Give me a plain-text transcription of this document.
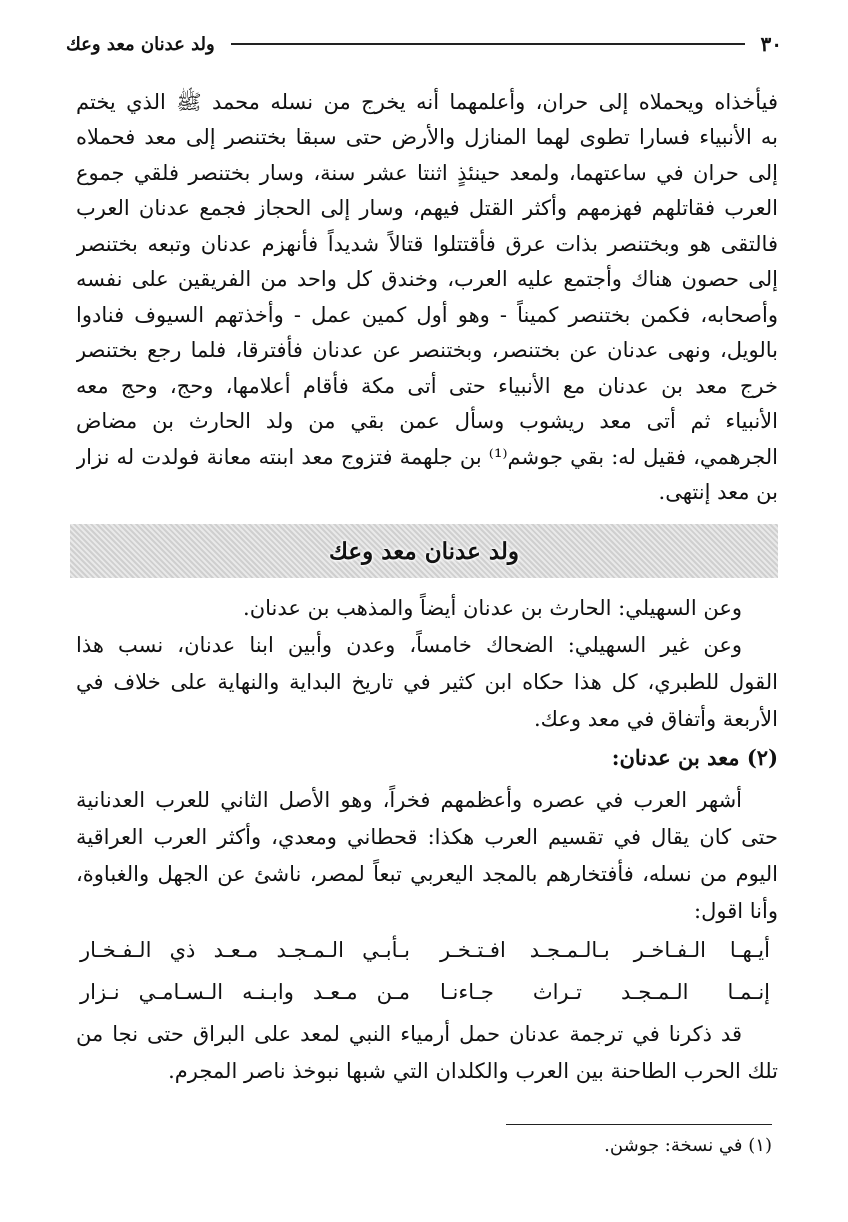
٣٠
ولد عدنان معد وعك
فيأخذاه ويحملاه إلى حران، وأعلمهما أنه يخرج من نسله محمد ﷺ الذي يختم
به الأنبياء فسارا تطوى لهما المنازل والأرض حتى سبقا بختنصر إلى معد فحملاه
إلى حران في ساعتهما، ولمعد حينئذٍ اثنتا عشر سنة، وسار بختنصر فلقي جموع
العرب فقاتلهم فهزمهم وأكثر القتل فيهم، وسار إلى الحجاز فجمع عدنان العرب
فالتقى هو وبختنصر بذات عرق فأقتتلوا قتالاً شديداً فأنهزم عدنان وتبعه بختنصر
إلى حصون هناك وأجتمع عليه العرب، وخندق كل واحد من الفريقين على نفسه
وأصحابه، فكمن بختنصر كميناً - وهو أول كمين عمل - وأخذتهم السيوف فنادوا
بالويل، ونهى عدنان عن بختنصر، وبختنصر عن عدنان فأفترقا، فلما رجع بختنصر
خرج معد بن عدنان مع الأنبياء حتى أتى مكة فأقام أعلامها، وحج، وحج معه
الأنبياء ثم أتى معد ريشوب وسأل عمن بقي من ولد الحارث بن مضاض
الجرهمي، فقيل له: بقي جوشم⁽¹⁾ بن جلهمة فتزوج معد ابنته معانة فولدت له نزار
بن معد إنتهى.
ولد عدنان معد وعك
وعن السهيلي: الحارث بن عدنان أيضاً والمذهب بن عدنان.
وعن غير السهيلي: الضحاك خامساً، وعدن وأبين ابنا عدنان، نسب هذا
القول للطبري، كل هذا حكاه ابن كثير في تاريخ البداية والنهاية على خلاف في
الأربعة وأتفاق في معد وعك.
(٢) معد بن عدنان:
أشهر العرب في عصره وأعظمهم فخراً، وهو الأصل الثاني للعرب العدنانية
حتى كان يقال في تقسيم العرب هكذا: قحطاني ومعدي، وأكثر العرب العراقية
اليوم من نسله، فأفتخارهم بالمجد اليعربي تبعاً لمصر، ناشئ عن الجهل والغباوة،
وأنا اقول:
أيـهـا الـفـاخـر بـالـمـجـد افـتـخـر
بـأبـي الـمـجـد مـعـد ذي الـفـخـار
إنـمـا الـمـجـد تـراث جـاءنـا
مـن مـعـد وابـنـه الـسـامـي نـزار
قد ذكرنا في ترجمة عدنان حمل أرمياء النبي لمعد على البراق حتى نجا من
تلك الحرب الطاحنة بين العرب والكلدان التي شبها نبوخذ ناصر المجرم.
(١) في نسخة: جوشن.
